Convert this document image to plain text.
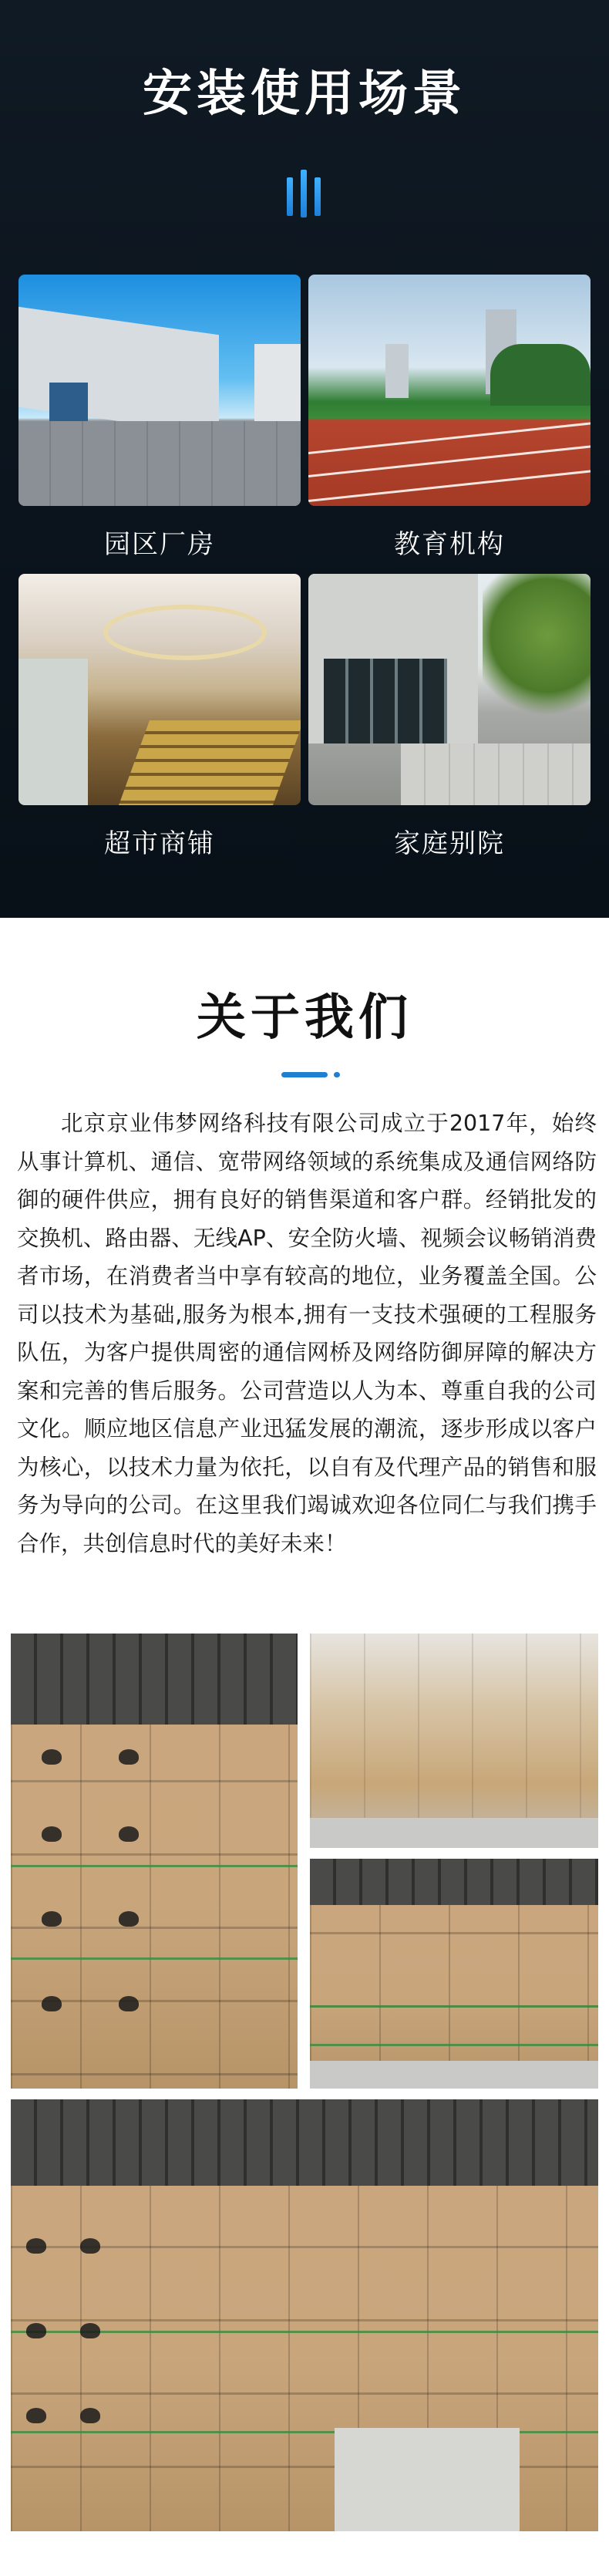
安装使用场景
园区厂房	教育机构
超市商铺	家庭别院
关于我们

北京京业伟梦网络科技有限公司成立于2017年，始终从事计算机、通信、宽带网络领域的系统集成及通信网络防御的硬件供应，拥有良好的销售渠道和客户群。经销批发的交换机、路由器、无线AP、安全防火墙、视频会议畅销消费者市场，在消费者当中享有较高的地位，业务覆盖全国。公司以技术为基础,服务为根本,拥有一支技术强硬的工程服务队伍，为客户提供周密的通信网桥及网络防御屏障的解决方案和完善的售后服务。公司营造以人为本、尊重自我的公司文化。顺应地区信息产业迅猛发展的潮流，逐步形成以客户为核心，以技术力量为依托，以自有及代理产品的销售和服务为导向的公司。在这里我们竭诚欢迎各位同仁与我们携手合作，共创信息时代的美好未来！
